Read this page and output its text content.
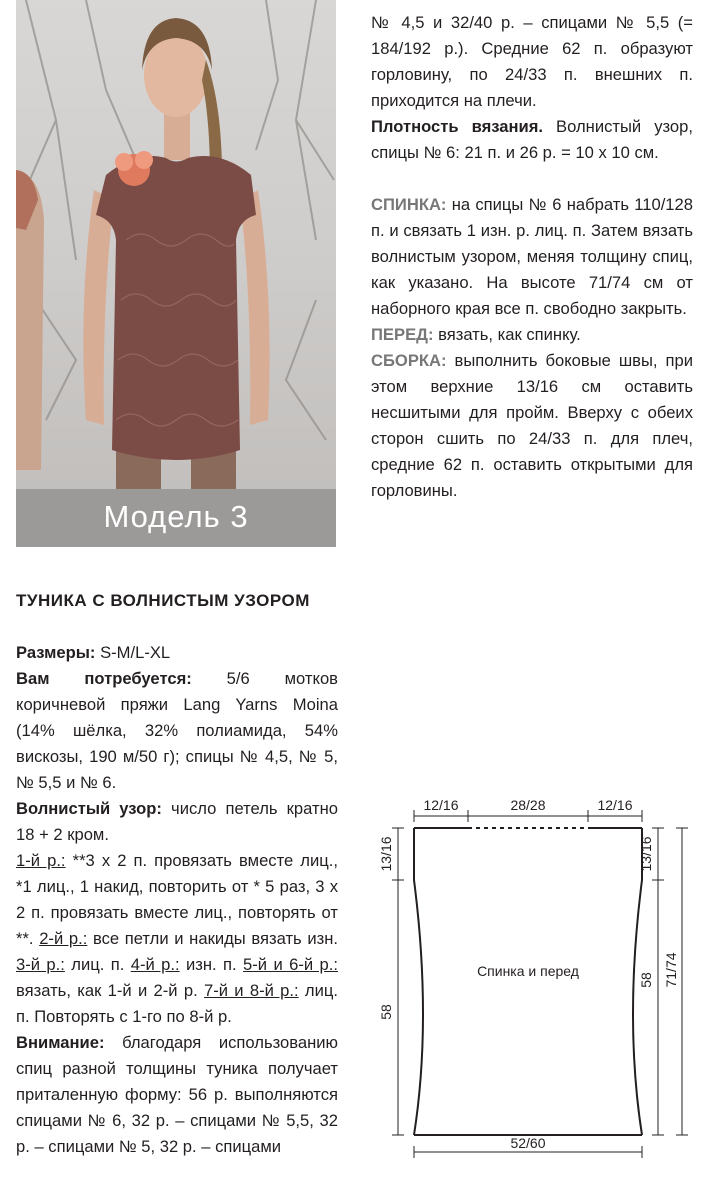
Модель 3

№ 4,5 и 32/40 р. – спицами № 5,5 (= 184/192 р.). Средние 62 п. образуют горловину, по 24/33 п. внешних п. приходится на плечи.

Плотность вязания. Волнистый узор, спицы № 6: 21 п. и 26 р. = 10 х 10 см.

СПИНКА: на спицы № 6 набрать 110/128 п. и связать 1 изн. р. лиц. п. Затем вязать волнистым узором, меняя толщину спиц, как указано. На высоте 71/74 см от наборного края все п. свободно закрыть.

ПЕРЕД: вязать, как спинку.

СБОРКА: выполнить боковые швы, при этом верхние 13/16 см оставить несшитыми для пройм. Вверху с обеих сторон сшить по 24/33 п. для плеч, средние 62 п. оставить открытыми для горловины.

ТУНИКА С ВОЛНИСТЫМ УЗОРОМ

Размеры: S-M/L-XL

Вам потребуется: 5/6 мотков коричневой пряжи Lang Yarns Moina (14% шёлка, 32% полиамида, 54% вискозы, 190 м/50 г); спицы № 4,5, № 5, № 5,5 и № 6.

Волнистый узор: число петель кратно 18 + 2 кром.

1-й р.: **3 х 2 п. провязать вместе лиц., *1 лиц., 1 накид, повторить от * 5 раз, 3 х 2 п. провязать вместе лиц., повторять от **. 2-й р.: все петли и накиды вязать изн. 3-й р.: лиц. п. 4-й р.: изн. п. 5-й и 6-й р.: вязать, как 1-й и 2-й р. 7-й и 8-й р.: лиц. п. Повторять с 1-го по 8-й р.

Внимание: благодаря использованию спиц разной толщины туника получает приталенную форму: 56 р. выполняются спицами № 6, 32 р. – спицами № 5,5, 32 р. – спицами № 5, 32 р. – спицами

12/16	28/28	12/16
13/16
58
13/16
58 71/74
Спинка и перед
52/60
